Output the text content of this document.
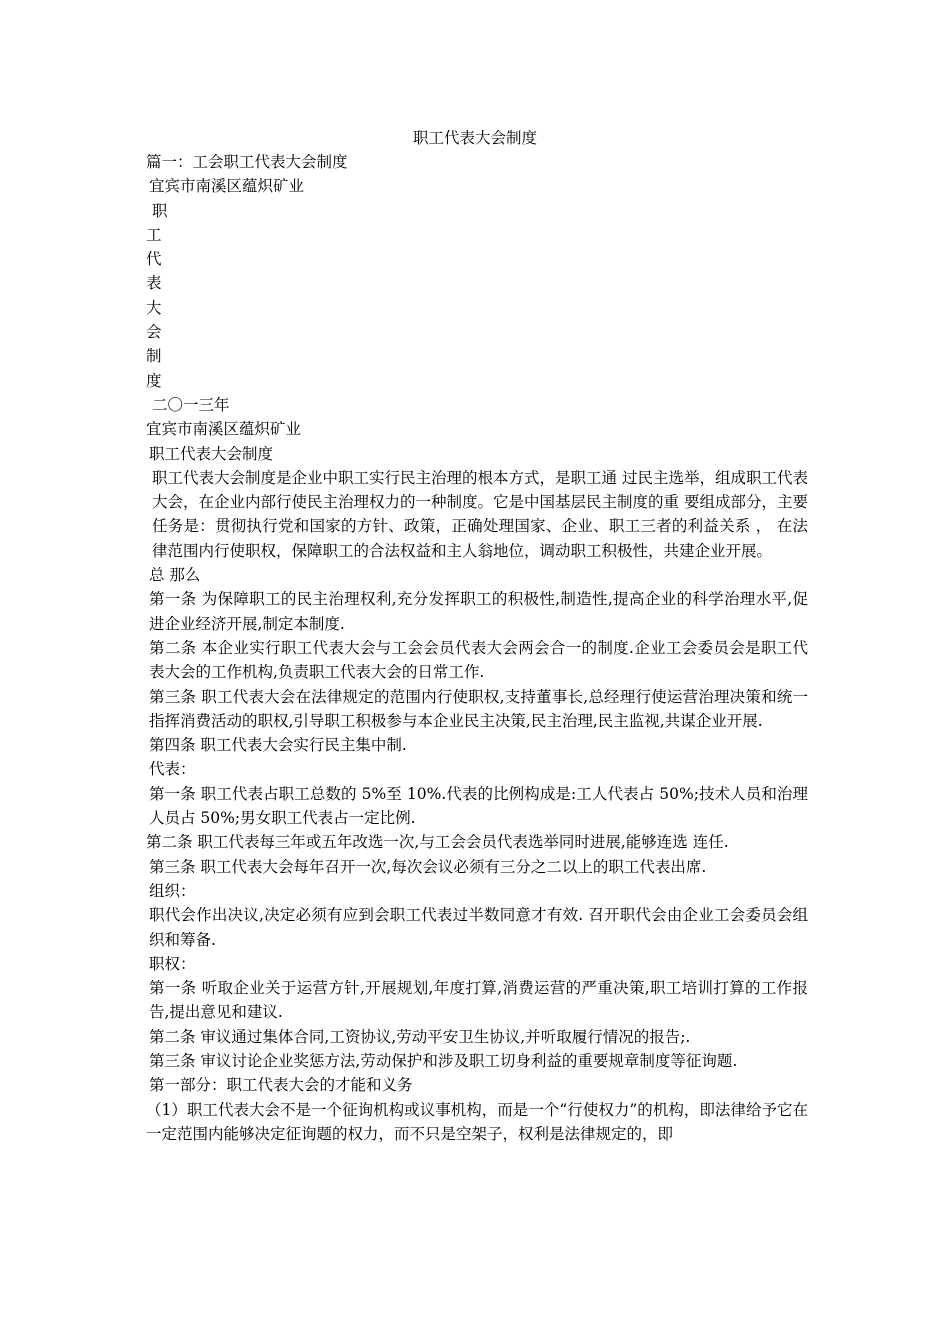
职工代表大会制度
篇一：工会职工代表大会制度
宜宾市南溪区蕴炽矿业
职
工
代
表
大
会
制
度
二〇一三年
宜宾市南溪区蕴炽矿业
职工代表大会制度
职工代表大会制度是企业中职工实行民主治理的根本方式，是职工通 过民主选举，组成职工代表大会，在企业内部行使民主治理权力的一种制度。它是中国基层民主制度的重 要组成部分，主要任务是：贯彻执行党和国家的方针、政策，正确处理国家、企业、职工三者的利益关系 ， 在法律范围内行使职权，保障职工的合法权益和主人翁地位，调动职工积极性，共建企业开展。
总 那么
第一条 为保障职工的民主治理权利,充分发挥职工的积极性,制造性,提高企业的科学治理水平,促进企业经济开展,制定本制度.
第二条 本企业实行职工代表大会与工会会员代表大会两会合一的制度.企业工会委员会是职工代表大会的工作机构,负责职工代表大会的日常工作.
第三条 职工代表大会在法律规定的范围内行使职权,支持董事长,总经理行使运营治理决策和统一指挥消费活动的职权,引导职工积极参与本企业民主决策,民主治理,民主监视,共谋企业开展.
第四条 职工代表大会实行民主集中制.
代表：
第一条 职工代表占职工总数的 5%至 10%.代表的比例构成是:工人代表占 50%;技术人员和治理人员占 50%;男女职工代表占一定比例.
第二条 职工代表每三年或五年改选一次,与工会会员代表选举同时进展,能够连选 连任.
第三条 职工代表大会每年召开一次,每次会议必须有三分之二以上的职工代表出席.
组织：
职代会作出决议,决定必须有应到会职工代表过半数同意才有效. 召开职代会由企业工会委员会组织和筹备.
职权：
第一条 听取企业关于运营方针,开展规划,年度打算,消费运营的严重决策,职工培训打算的工作报告,提出意见和建议.
第二条 审议通过集体合同,工资协议,劳动平安卫生协议,并听取履行情况的报告;.
第三条 审议讨论企业奖惩方法,劳动保护和涉及职工切身利益的重要规章制度等征询题.
第一部分：职工代表大会的才能和义务
（1）职工代表大会不是一个征询机构或议事机构，而是一个“行使权力”的机构，即法律给予它在一定范围内能够决定征询题的权力，而不只是空架子，权利是法律规定的，即
